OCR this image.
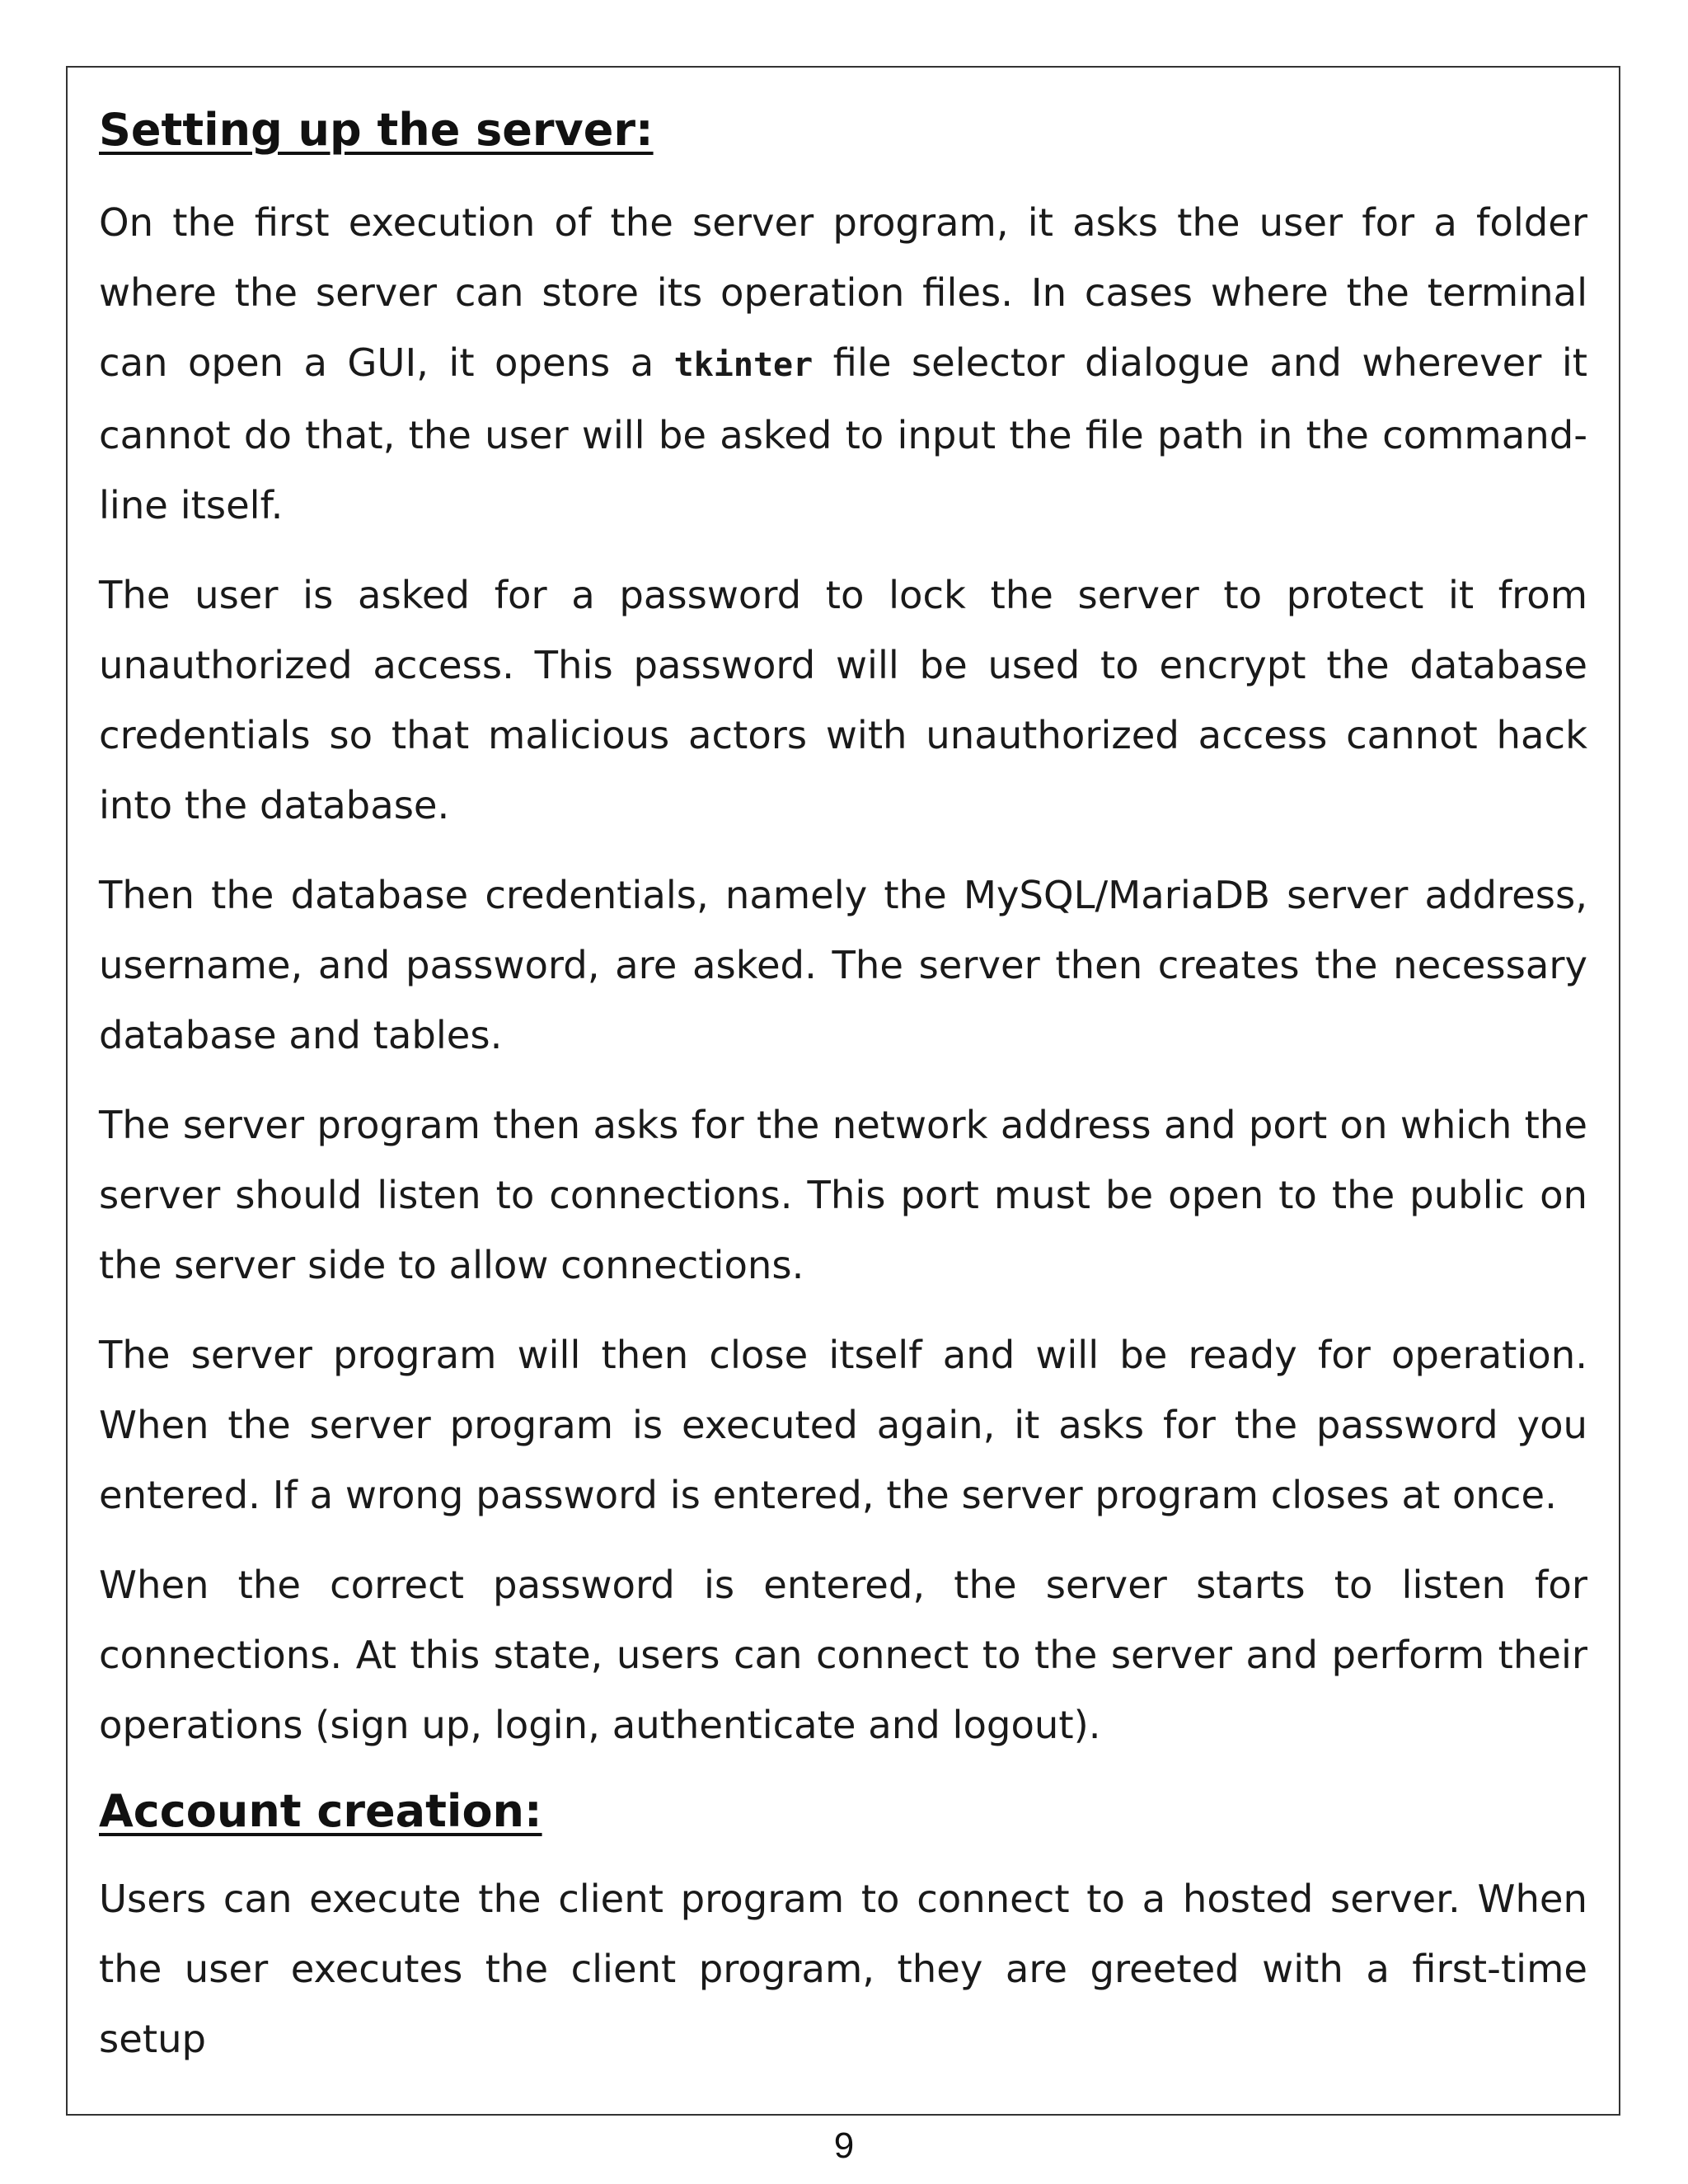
Setting up the server:

On the first execution of the server program, it asks the user for a folder where the server can store its operation files. In cases where the terminal can open a GUI, it opens a tkinter file selector dialogue and wherever it cannot do that, the user will be asked to input the file path in the command-line itself.

The user is asked for a password to lock the server to protect it from unauthorized access. This password will be used to encrypt the database credentials so that malicious actors with unauthorized access cannot hack into the database.

Then the database credentials, namely the MySQL/MariaDB server address, username, and password, are asked. The server then creates the necessary database and tables.

The server program then asks for the network address and port on which the server should listen to connections. This port must be open to the public on the server side to allow connections.

The server program will then close itself and will be ready for operation. When the server program is executed again, it asks for the password you entered. If a wrong password is entered, the server program closes at once.

When the correct password is entered, the server starts to listen for connections. At this state, users can connect to the server and perform their operations (sign up, login, authenticate and logout).

Account creation:

Users can execute the client program to connect to a hosted server. When the user executes the client program, they are greeted with a first-time setup

9
